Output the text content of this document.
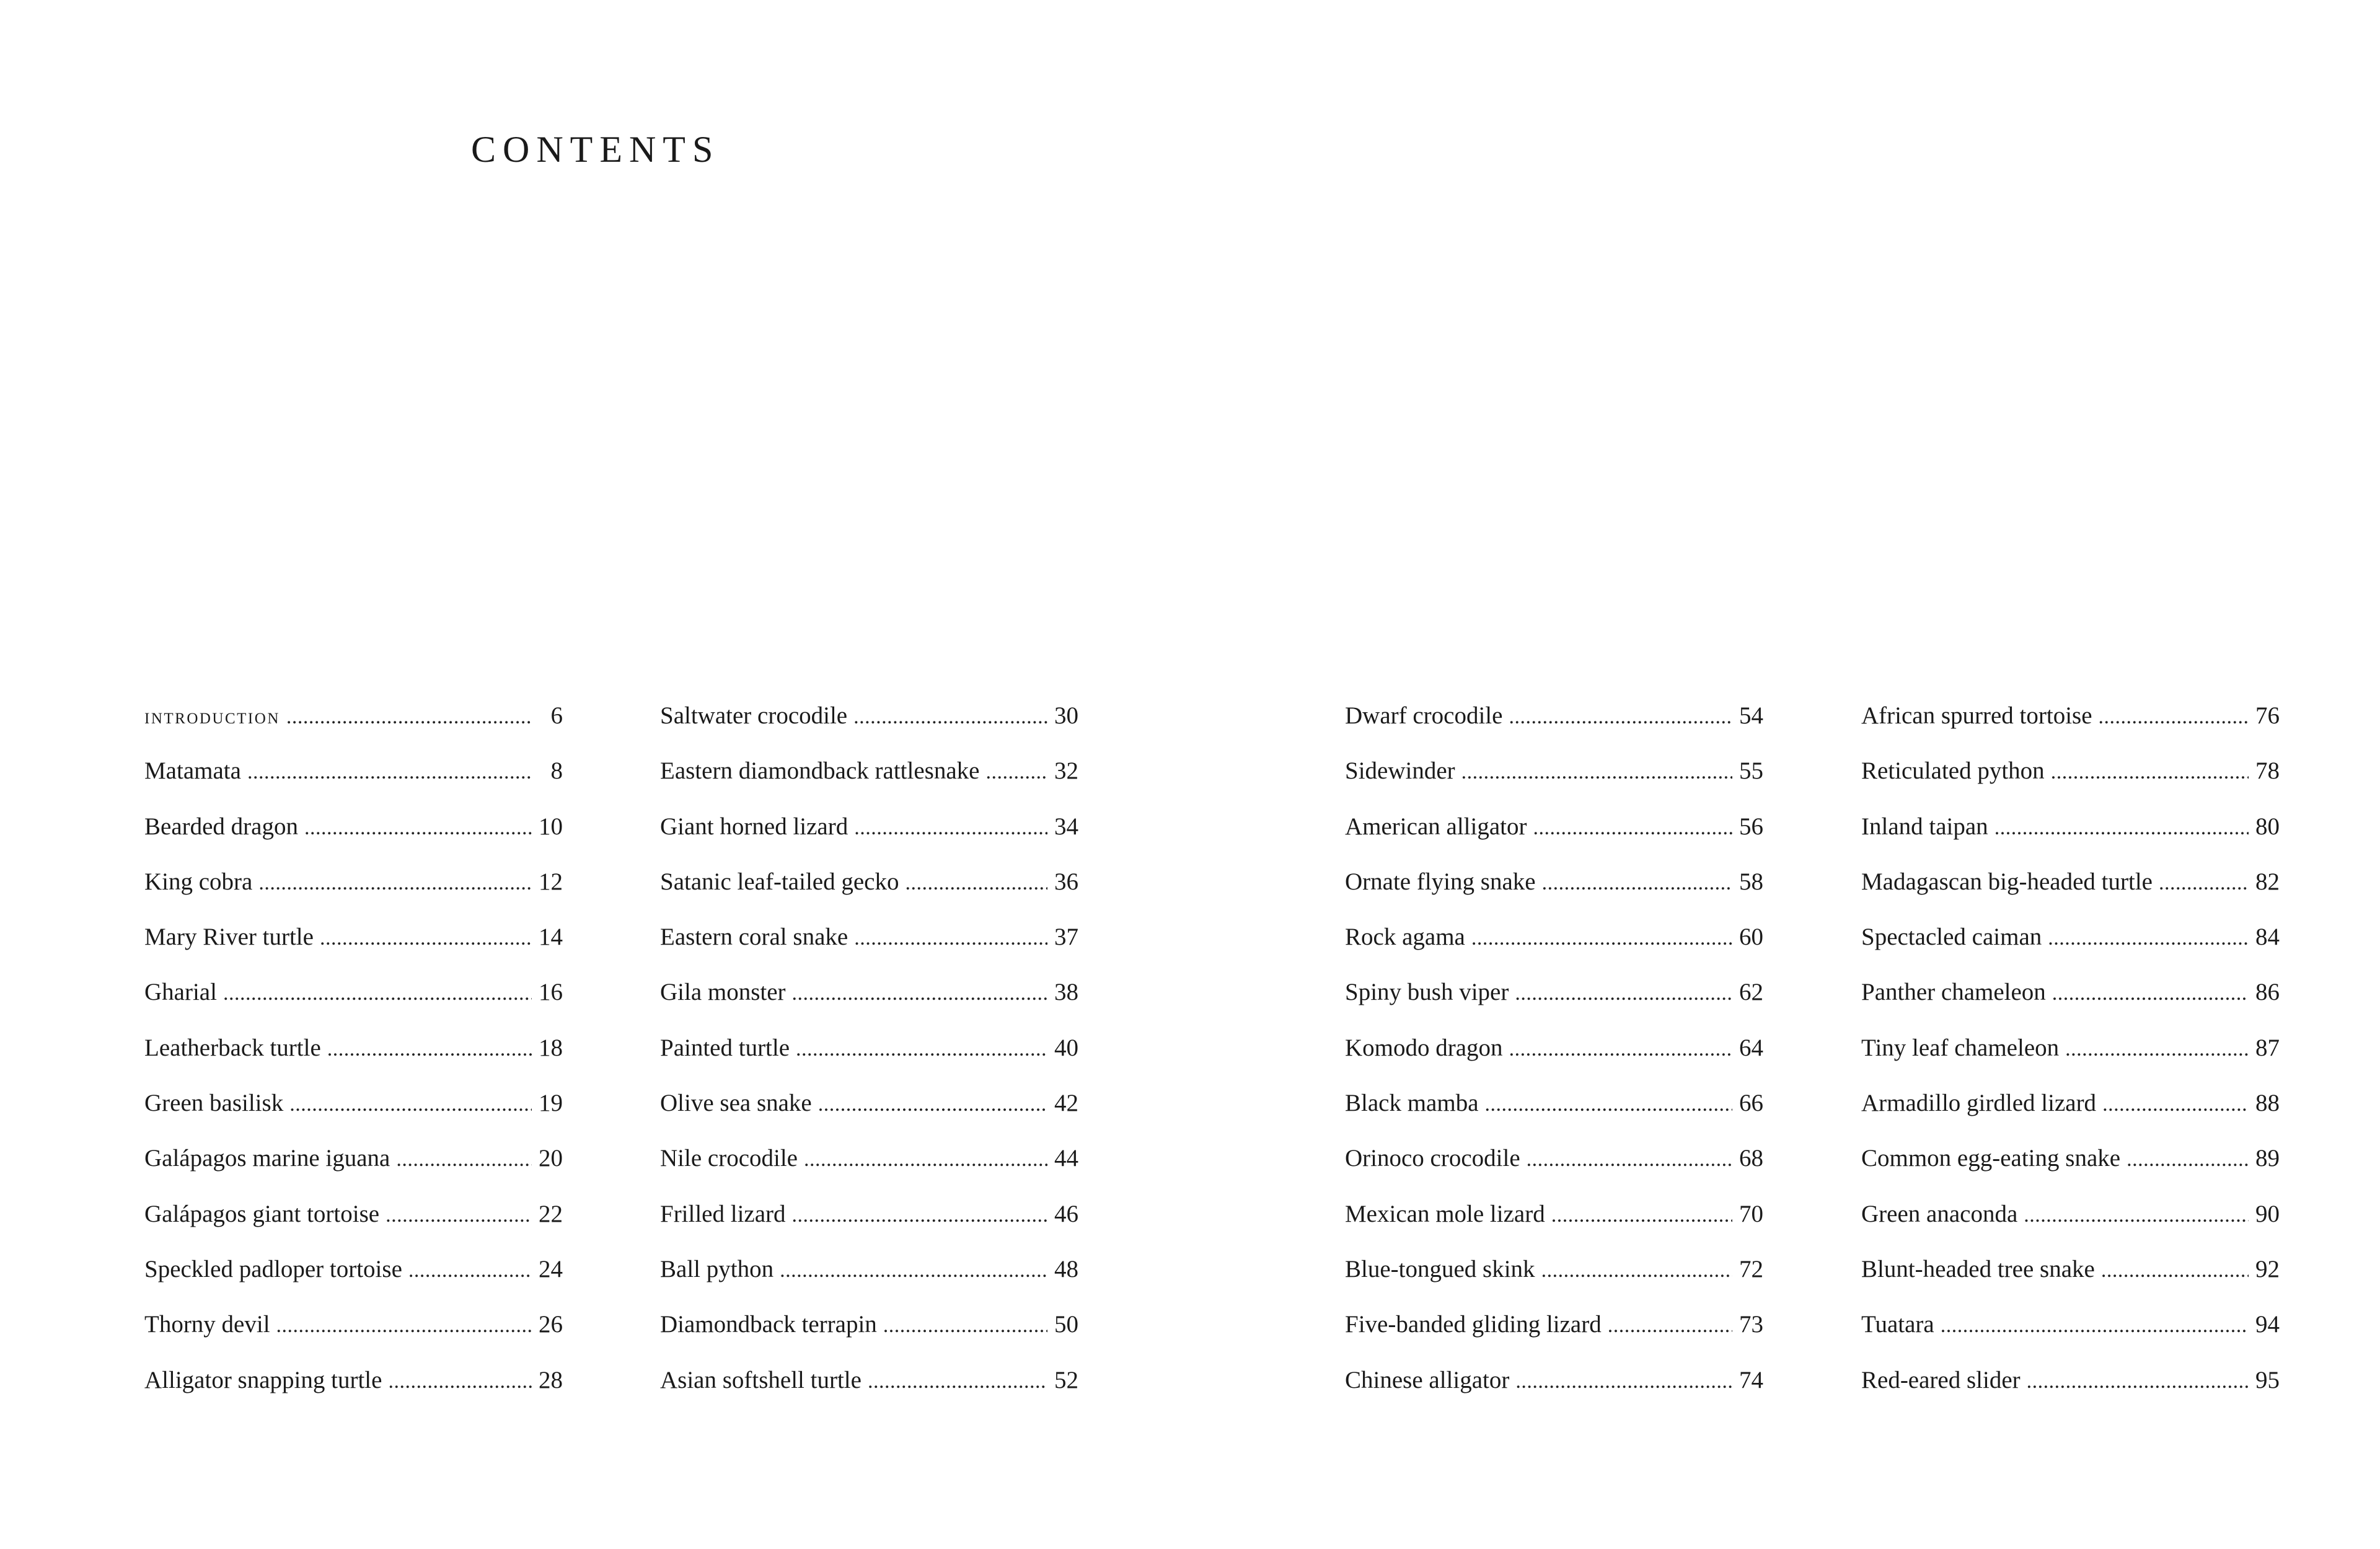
CONTENTS
introduction . . .	6
Matamata . . .	8
Bearded dragon . . .	10
King cobra . . .	12
Mary River turtle . . .	14
Gharial . . .	16
Leatherback turtle . . .	18
Green basilisk . . .	19
Galápagos marine iguana . . .	20
Galápagos giant tortoise . . .	22
Speckled padloper tortoise . . .	24
Thorny devil . . .	26
Alligator snapping turtle . . .	28
Saltwater crocodile . . .	30
Eastern diamondback rattlesnake . . .	32
Giant horned lizard . . .	34
Satanic leaf-tailed gecko . . .	36
Eastern coral snake . . .	37
Gila monster . . .	38
Painted turtle . . .	40
Olive sea snake . . .	42
Nile crocodile . . .	44
Frilled lizard . . .	46
Ball python . . .	48
Diamondback terrapin . . .	50
Asian softshell turtle . . .	52
Dwarf crocodile . . .	54
Sidewinder . . .	55
American alligator . . .	56
Ornate flying snake . . .	58
Rock agama . . .	60
Spiny bush viper . . .	62
Komodo dragon . . .	64
Black mamba . . .	66
Orinoco crocodile . . .	68
Mexican mole lizard . . .	70
Blue-tongued skink . . .	72
Five-banded gliding lizard . . .	73
Chinese alligator . . .	74
African spurred tortoise . . .	76
Reticulated python . . .	78
Inland taipan . . .	80
Madagascan big-headed turtle . . .	82
Spectacled caiman . . .	84
Panther chameleon . . .	86
Tiny leaf chameleon . . .	87
Armadillo girdled lizard . . .	88
Common egg-eating snake . . .	89
Green anaconda . . .	90
Blunt-headed tree snake . . .	92
Tuatara . . .	94
Red-eared slider . . .	95
